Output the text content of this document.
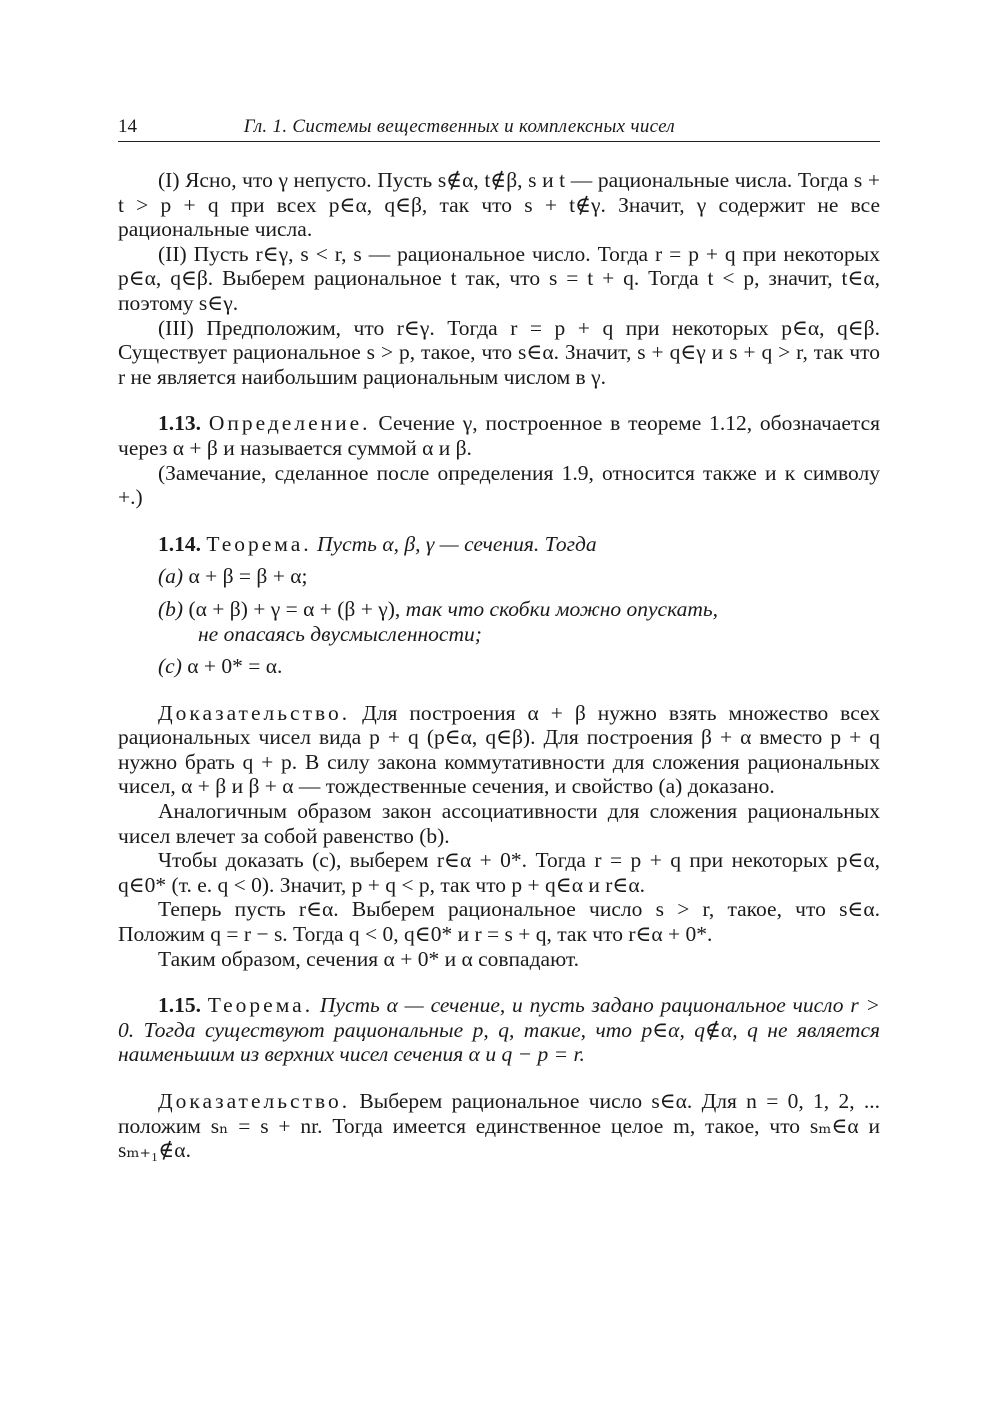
14	Гл. 1. Системы вещественных и комплексных чисел

(I) Ясно, что γ непусто. Пусть s∉α, t∉β, s и t — рациональные числа. Тогда s + t > p + q при всех p∈α, q∈β, так что s + t∉γ. Значит, γ содержит не все рациональные числа.

(II) Пусть r∈γ, s < r, s — рациональное число. Тогда r = p + q при некоторых p∈α, q∈β. Выберем рациональное t так, что s = t + q. Тогда t < p, значит, t∈α, поэтому s∈γ.

(III) Предположим, что r∈γ. Тогда r = p + q при некоторых p∈α, q∈β. Существует рациональное s > p, такое, что s∈α. Значит, s + q∈γ и s + q > r, так что r не является наибольшим рациональным числом в γ.

1.13. Определение. Сечение γ, построенное в теореме 1.12, обозначается через α + β и называется суммой α и β.

(Замечание, сделанное после определения 1.9, относится также и к символу +.)

1.14. Теорема. Пусть α, β, γ — сечения. Тогда

(a) α + β = β + α;

(b) (α + β) + γ = α + (β + γ), так что скобки можно опускать,

не опасаясь двусмысленности;

(c) α + 0* = α.

Доказательство. Для построения α + β нужно взять множество всех рациональных чисел вида p + q (p∈α, q∈β). Для построения β + α вместо p + q нужно брать q + p. В силу закона коммутативности для сложения рациональных чисел, α + β и β + α — тождественные сечения, и свойство (a) доказано.

Аналогичным образом закон ассоциативности для сложения рациональных чисел влечет за собой равенство (b).

Чтобы доказать (c), выберем r∈α + 0*. Тогда r = p + q при некоторых p∈α, q∈0* (т. е. q < 0). Значит, p + q < p, так что p + q∈α и r∈α.

Теперь пусть r∈α. Выберем рациональное число s > r, такое, что s∈α. Положим q = r − s. Тогда q < 0, q∈0* и r = s + q, так что r∈α + 0*.

Таким образом, сечения α + 0* и α совпадают.

1.15. Теорема. Пусть α — сечение, и пусть задано рациональное число r > 0. Тогда существуют рациональные p, q, такие, что p∈α, q∉α, q не является наименьшим из верхних чисел сечения α и q − p = r.

Доказательство. Выберем рациональное число s∈α. Для n = 0, 1, 2, ... положим sₙ = s + nr. Тогда имеется единственное целое m, такое, что sₘ∈α и sₘ₊₁∉α.
